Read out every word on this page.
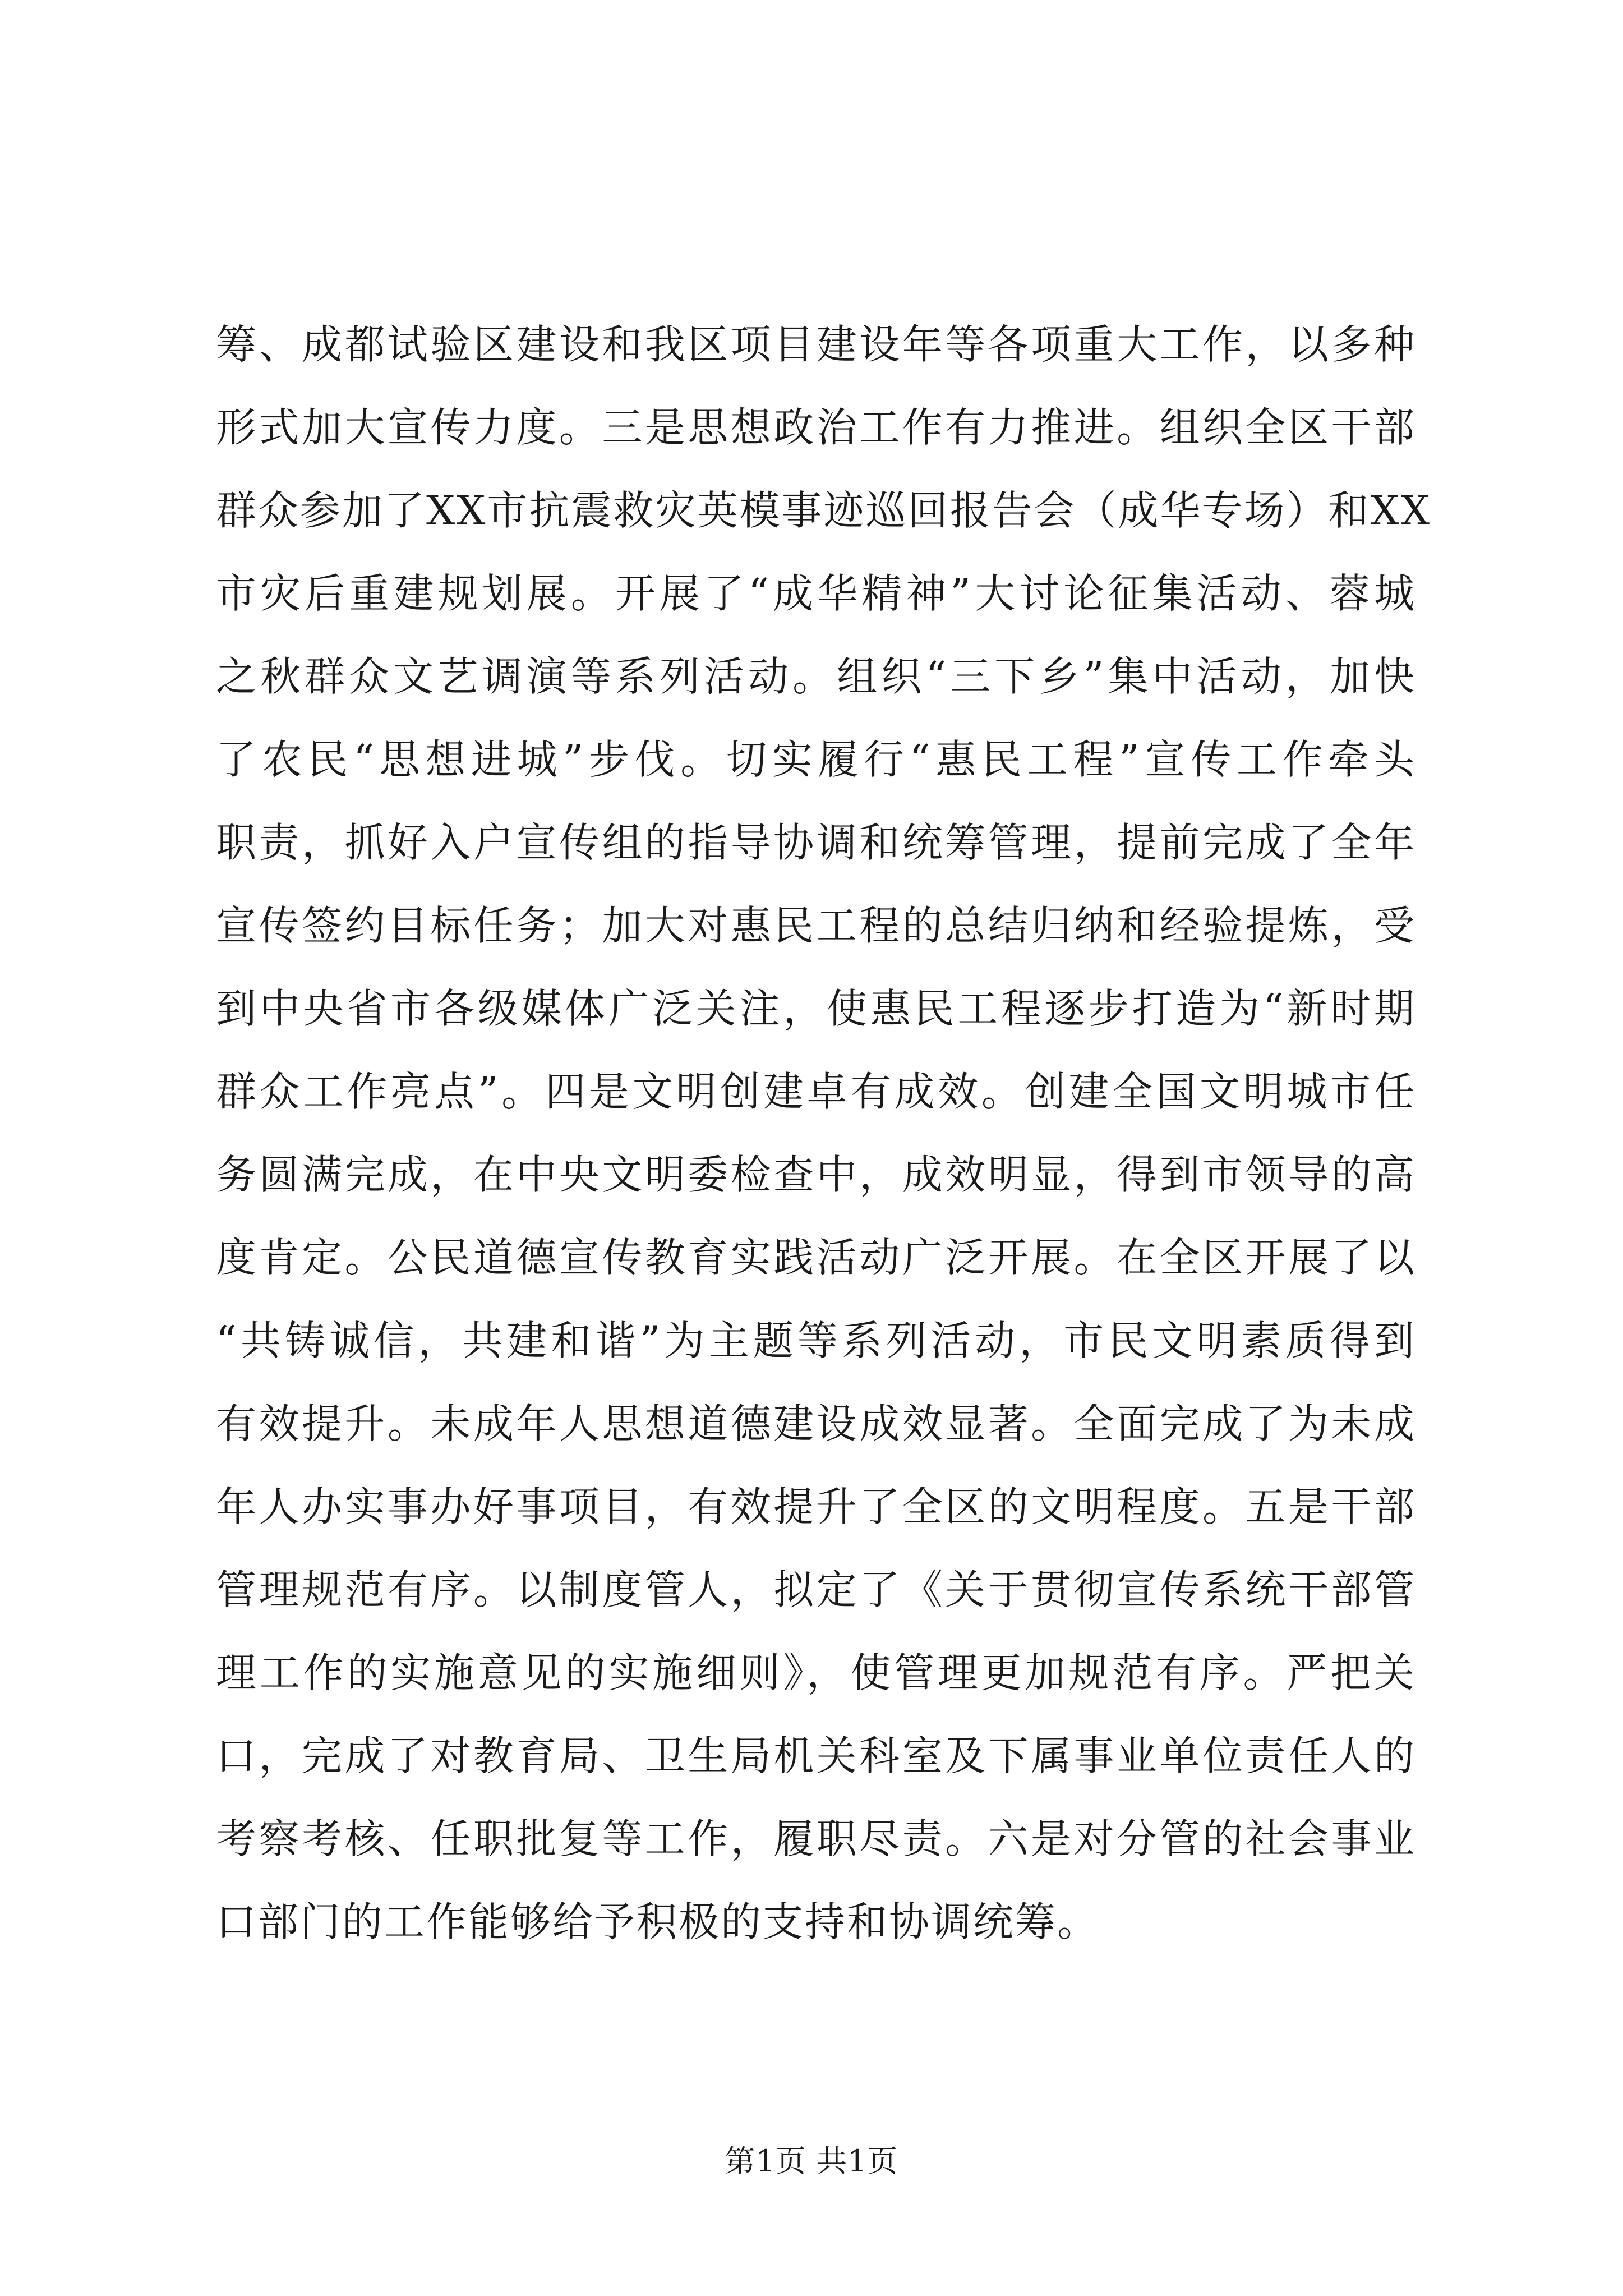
筹、成都试验区建设和我区项目建设年等各项重大工作，以多种
形式加大宣传力度。三是思想政治工作有力推进。组织全区干部
群众参加了XX市抗震救灾英模事迹巡回报告会（成华专场）和XX
市灾后重建规划展。开展了“成华精神”大讨论征集活动、蓉城
之秋群众文艺调演等系列活动。组织“三下乡”集中活动，加快
了农民“思想进城”步伐。切实履行“惠民工程”宣传工作牵头
职责，抓好入户宣传组的指导协调和统筹管理，提前完成了全年
宣传签约目标任务；加大对惠民工程的总结归纳和经验提炼，受
到中央省市各级媒体广泛关注，使惠民工程逐步打造为“新时期
群众工作亮点”。四是文明创建卓有成效。创建全国文明城市任
务圆满完成，在中央文明委检查中，成效明显，得到市领导的高
度肯定。公民道德宣传教育实践活动广泛开展。在全区开展了以
“共铸诚信，共建和谐”为主题等系列活动，市民文明素质得到
有效提升。未成年人思想道德建设成效显著。全面完成了为未成
年人办实事办好事项目，有效提升了全区的文明程度。五是干部
管理规范有序。以制度管人，拟定了《关于贯彻宣传系统干部管
理工作的实施意见的实施细则》，使管理更加规范有序。严把关
口，完成了对教育局、卫生局机关科室及下属事业单位责任人的
考察考核、任职批复等工作，履职尽责。六是对分管的社会事业
口部门的工作能够给予积极的支持和协调统筹。
第1页 共1页
